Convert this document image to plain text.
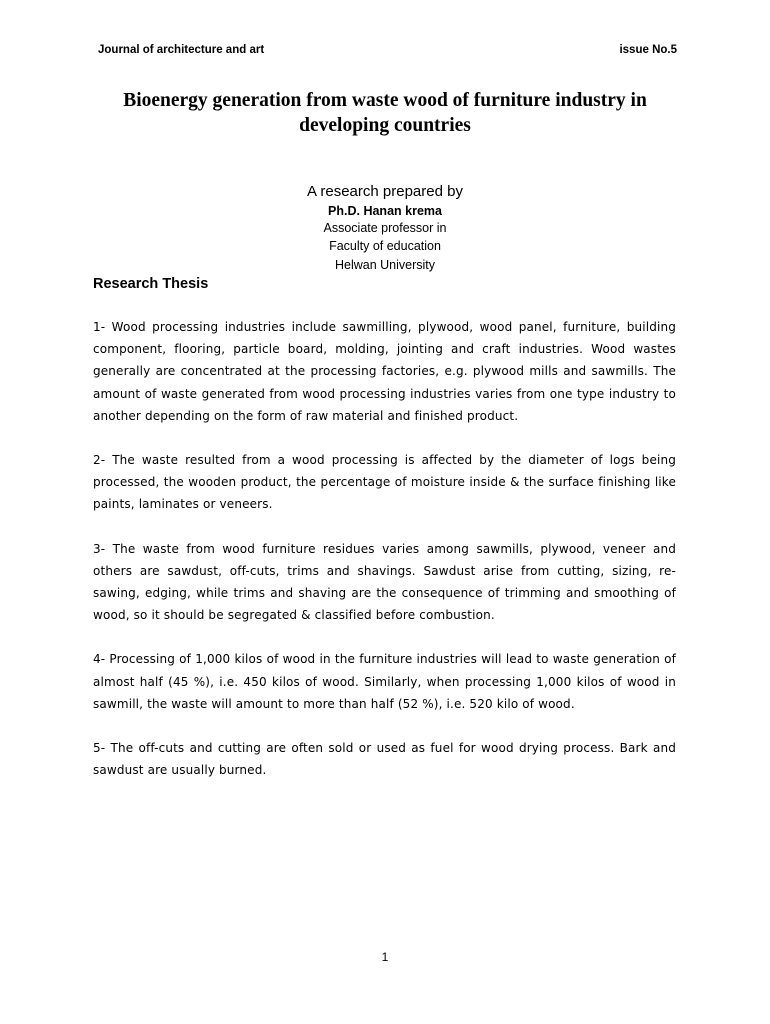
Journal of architecture and art	issue No.5
Bioenergy generation from waste wood of furniture industry in developing countries
A research prepared by
Ph.D. Hanan krema
Associate professor in
Faculty of education
Helwan University
Research Thesis

1- Wood processing industries include sawmilling, plywood, wood panel, furniture, building component, flooring, particle board, molding, jointing and craft industries. Wood wastes generally are concentrated at the processing factories, e.g. plywood mills and sawmills. The amount of waste generated from wood processing industries varies from one type industry to another depending on the form of raw material and finished product.

2- The waste resulted from a wood processing is affected by the diameter of logs being processed, the wooden product, the percentage of moisture inside & the surface finishing like paints, laminates or veneers.

3- The waste from wood furniture residues varies among sawmills, plywood, veneer and others are sawdust, off-cuts, trims and shavings. Sawdust arise from cutting, sizing, re-sawing, edging, while trims and shaving are the consequence of trimming and smoothing of wood, so it should be segregated & classified before combustion.

4- Processing of 1,000 kilos of wood in the furniture industries will lead to waste generation of almost half (45 %), i.e. 450 kilos of wood. Similarly, when processing 1,000 kilos of wood in sawmill, the waste will amount to more than half (52 %), i.e. 520 kilo of wood.

5- The off-cuts and cutting are often sold or used as fuel for wood drying process. Bark and sawdust are usually burned.

1
